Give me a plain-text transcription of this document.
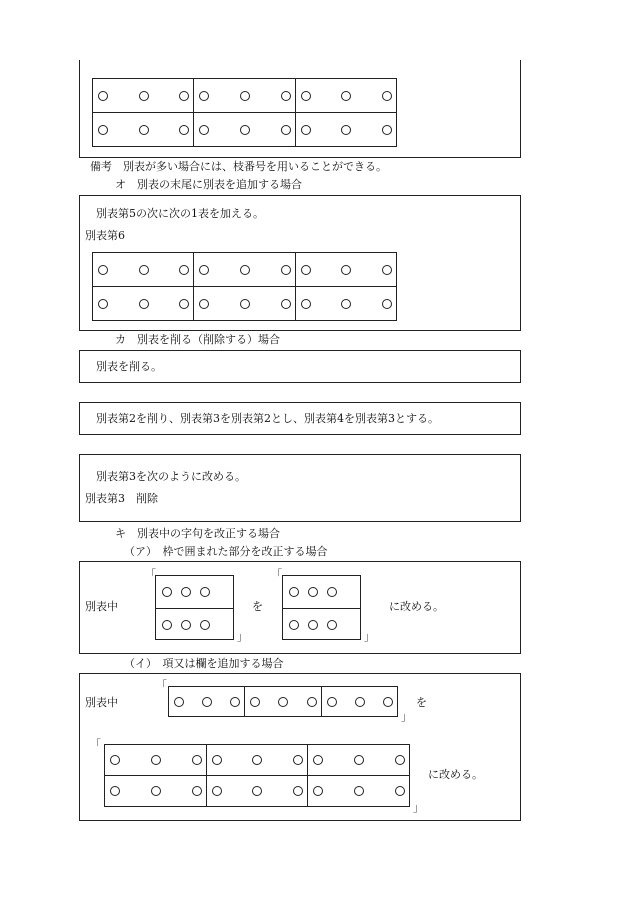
備考　別表が多い場合には、枝番号を用いることができる。
オ　別表の末尾に別表を追加する場合
別表第5の次に次の1表を加える。
別表第6

カ　別表を削る（削除する）場合
別表を削る。
別表第2を削り、別表第3を別表第2とし、別表第4を別表第3とする。
別表第3を次のように改める。
別表第3　削除
キ　別表中の字句を改正する場合
（ア）　枠で囲まれた部分を改正する場合
別表中
「
」
を
「
」
に改める。
（イ）　項又は欄を追加する場合
別表中
「

」
を
「

に改める。
」
